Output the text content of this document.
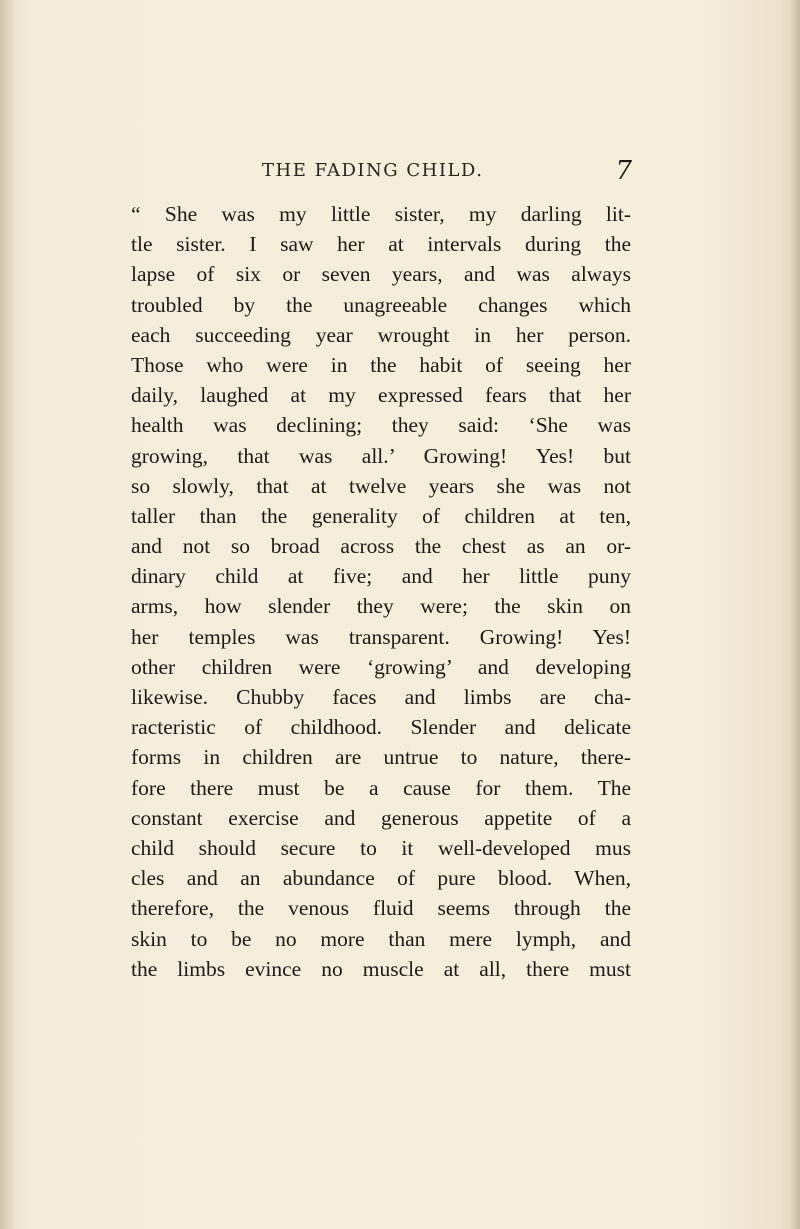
THE FADING CHILD.	7
“ She was my little sister, my darling lit-
tle sister. I saw her at intervals during the
lapse of six or seven years, and was always
troubled by the unagreeable changes which
each succeeding year wrought in her person.
Those who were in the habit of seeing her
daily, laughed at my expressed fears that her
health was declining; they said: ‘She was
growing, that was all.’ Growing! Yes! but
so slowly, that at twelve years she was not
taller than the generality of children at ten,
and not so broad across the chest as an or-
dinary child at five; and her little puny
arms, how slender they were; the skin on
her temples was transparent. Growing! Yes!
other children were ‘growing’ and developing
likewise. Chubby faces and limbs are cha-
racteristic of childhood. Slender and delicate
forms in children are untrue to nature, there-
fore there must be a cause for them. The
constant exercise and generous appetite of a
child should secure to it well-developed mus
cles and an abundance of pure blood. When,
therefore, the venous fluid seems through the
skin to be no more than mere lymph, and
the limbs evince no muscle at all, there must
